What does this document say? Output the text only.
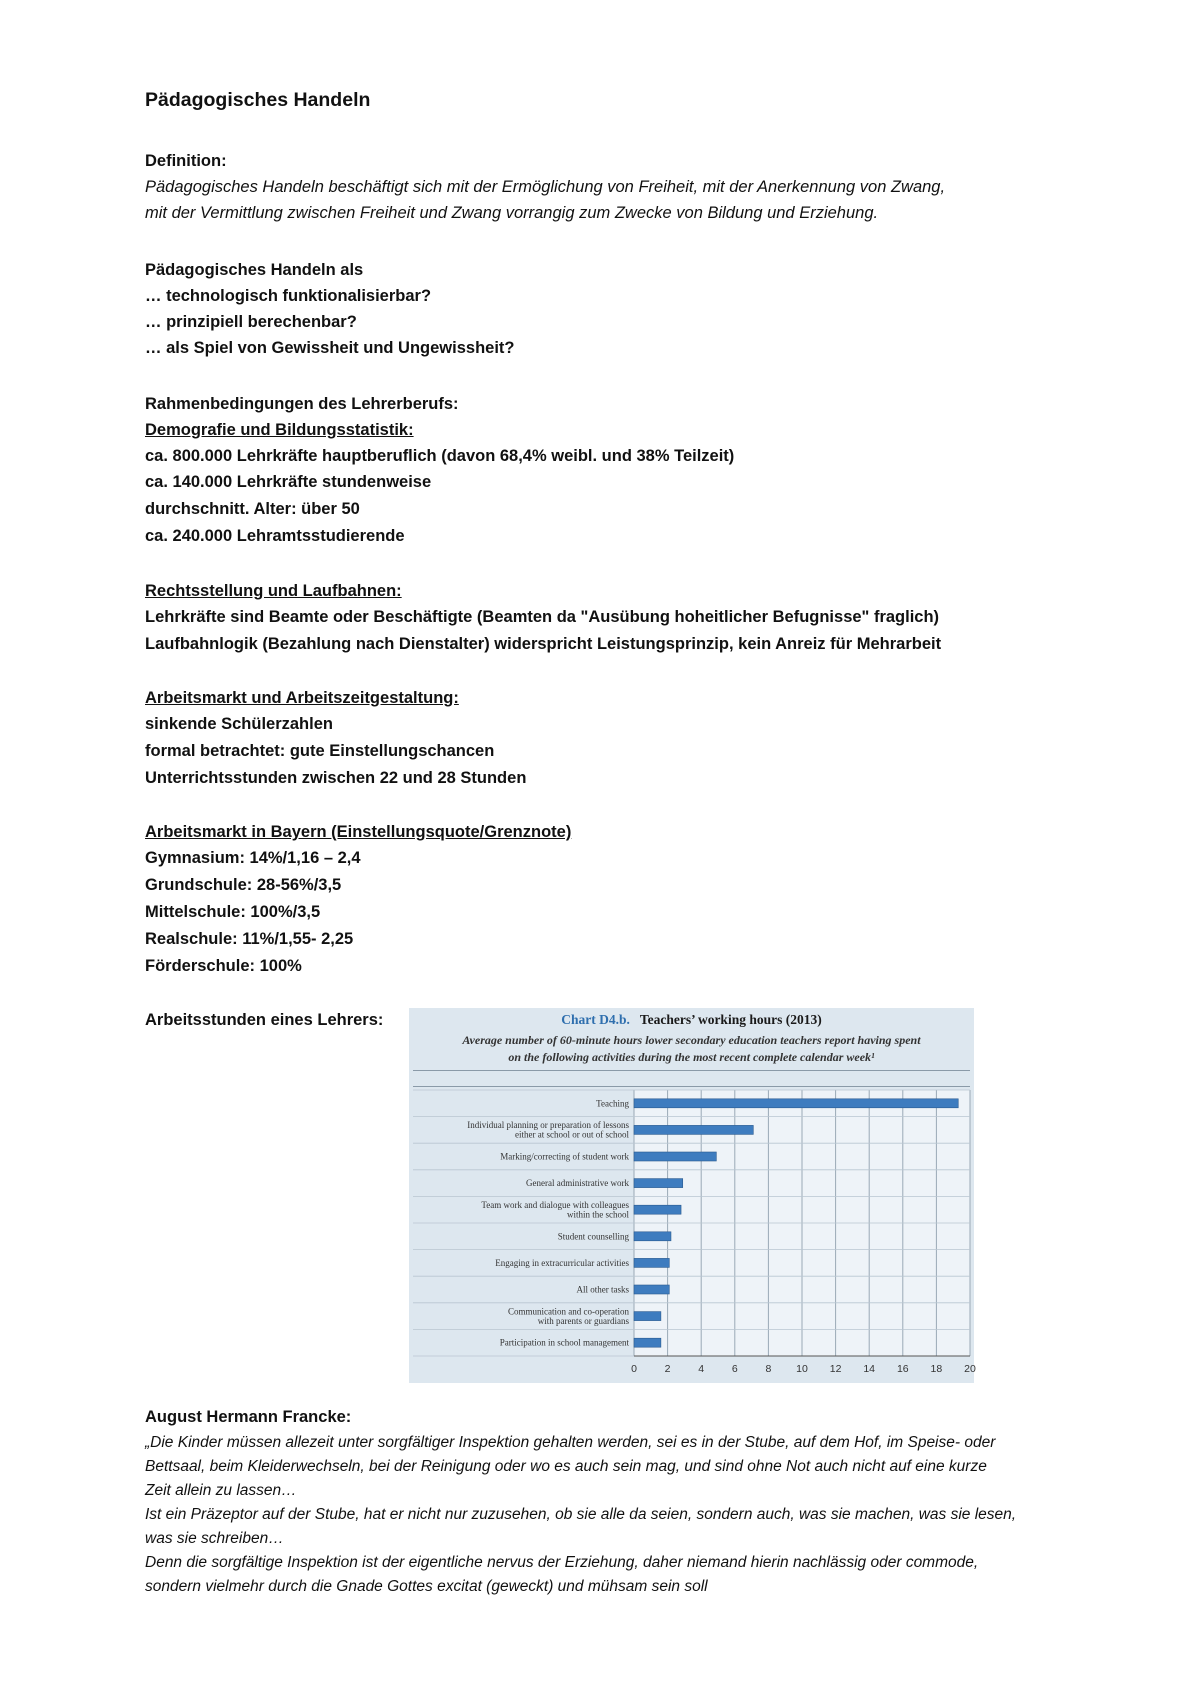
Pädagogisches Handeln
Definition:
Pädagogisches Handeln beschäftigt sich mit der Ermöglichung von Freiheit, mit der Anerkennung von Zwang,
mit der Vermittlung zwischen Freiheit und Zwang vorrangig zum Zwecke von Bildung und Erziehung.
Pädagogisches Handeln als
… technologisch funktionalisierbar?
… prinzipiell berechenbar?
… als Spiel von Gewissheit und Ungewissheit?
Rahmenbedingungen des Lehrerberufs:
Demografie und Bildungsstatistik:
ca. 800.000 Lehrkräfte hauptberuflich (davon 68,4% weibl. und 38% Teilzeit)
ca. 140.000 Lehrkräfte stundenweise
durchschnitt. Alter: über 50
ca. 240.000 Lehramtsstudierende
Rechtsstellung und Laufbahnen:
Lehrkräfte sind Beamte oder Beschäftigte (Beamten da "Ausübung hoheitlicher Befugnisse" fraglich)
Laufbahnlogik (Bezahlung nach Dienstalter) widerspricht Leistungsprinzip, kein Anreiz für Mehrarbeit
Arbeitsmarkt und Arbeitszeitgestaltung:
sinkende Schülerzahlen
formal betrachtet: gute Einstellungschancen
Unterrichtsstunden zwischen 22 und 28 Stunden
Arbeitsmarkt in Bayern (Einstellungsquote/Grenznote)
Gymnasium: 14%/1,16 – 2,4
Grundschule: 28-56%/3,5
Mittelschule: 100%/3,5
Realschule: 11%/1,55- 2,25
Förderschule: 100%
Arbeitsstunden eines Lehrers:
August Hermann Francke:
„Die Kinder müssen allezeit unter sorgfältiger Inspektion gehalten werden, sei es in der Stube, auf dem Hof, im Speise- oder
Bettsaal, beim Kleiderwechseln, bei der Reinigung oder wo es auch sein mag, und sind ohne Not auch nicht auf eine kurze
Zeit allein zu lassen…
Ist ein Präzeptor auf der Stube, hat er nicht nur zuzusehen, ob sie alle da seien, sondern auch, was sie machen, was sie lesen,
was sie schreiben…
Denn die sorgfältige Inspektion ist der eigentliche nervus der Erziehung, daher niemand hierin nachlässig oder commode,
sondern vielmehr durch die Gnade Gottes excitat (geweckt) und mühsam sein soll
Chart D4.b. Teachers’ working hours (2013)
Average number of 60-minute hours lower secondary education teachers report having spent
on the following activities during the most recent complete calendar week¹
0	2	4	6	8 10 12 14 16 18 20
Teaching
Individual planning or preparation of lessons
either at school or out of school
Marking/correcting of student work
General administrative work
Team work and dialogue with colleagues
within the school
Student counselling
Engaging in extracurricular activities
All other tasks
Communication and co-operation
with parents or guardians
Participation in school management
